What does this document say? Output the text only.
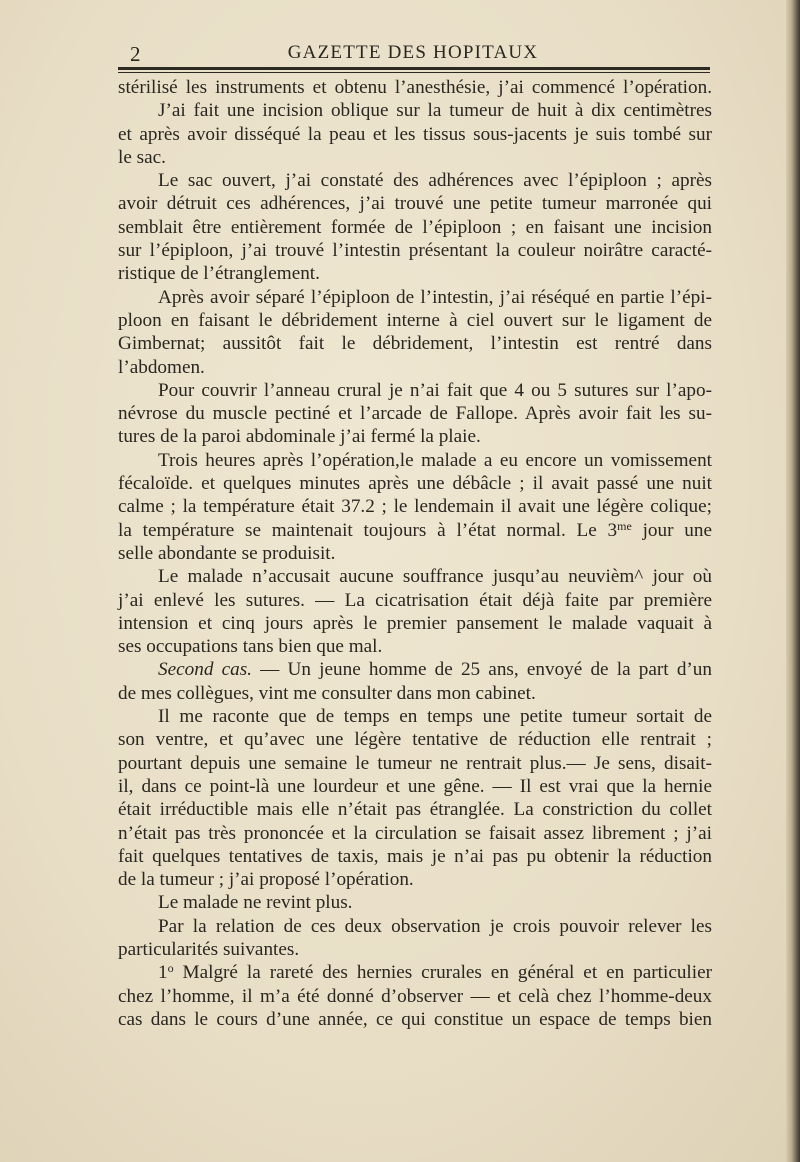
2	GAZETTE DES HOPITAUX
stérilisé les instruments et obtenu l’anesthésie, j’ai commencé l’opération.
J’ai fait une incision oblique sur la tumeur de huit à dix centimètres
et après avoir disséqué la peau et les tissus sous-jacents je suis tombé sur
le sac.
Le sac ouvert, j’ai constaté des adhérences avec l’épiploon ; après
avoir détruit ces adhérences, j’ai trouvé une petite tumeur marronée qui
semblait être entièrement formée de l’épiploon ; en faisant une incision
sur l’épiploon, j’ai trouvé l’intestin présentant la couleur noirâtre caracté-
ristique de l’étranglement.
Après avoir séparé l’épiploon de l’intestin, j’ai réséqué en partie l’épi-
ploon en faisant le débridement interne à ciel ouvert sur le ligament de
Gimbernat; aussitôt fait le débridement, l’intestin est rentré dans
l’abdomen.
Pour couvrir l’anneau crural je n’ai fait que 4 ou 5 sutures sur l’apo-
névrose du muscle pectiné et l’arcade de Fallope. Après avoir fait les su-
tures de la paroi abdominale j’ai fermé la plaie.
Trois heures après l’opération,le malade a eu encore un vomissement
fécaloïde. et quelques minutes après une débâcle ; il avait passé une nuit
calme ; la température était 37.2 ; le lendemain il avait une légère colique;
la température se maintenait toujours à l’état normal. Le $3^{me}$ jour une
selle abondante se produisit.
Le malade n’accusait aucune souffrance jusqu’au neuvièm^ jour où
j’ai enlevé les sutures. — La cicatrisation était déjà faite par première
intension et cinq jours après le premier pansement le malade vaquait à
ses occupations tans bien que mal.
Second cas. — Un jeune homme de 25 ans, envoyé de la part d’un
de mes collègues, vint me consulter dans mon cabinet.
Il me raconte que de temps en temps une petite tumeur sortait de
son ventre, et qu’avec une légère tentative de réduction elle rentrait ;
pourtant depuis une semaine le tumeur ne rentrait plus.— Je sens, disait-
il, dans ce point-là une lourdeur et une gêne. — Il est vrai que la hernie
était irréductible mais elle n’était pas étranglée. La constriction du collet
n’était pas très prononcée et la circulation se faisait assez librement ; j’ai
fait quelques tentatives de taxis, mais je n’ai pas pu obtenir la réduction
de la tumeur ; j’ai proposé l’opération.
Le malade ne revint plus.
Par la relation de ces deux observation je crois pouvoir relever les
particularités suivantes.
1$^o$ Malgré la rareté des hernies crurales en général et en particulier
chez l’homme, il m’a été donné d’observer — et celà chez l’homme-deux
cas dans le cours d’une année, ce qui constitue un espace de temps bien
